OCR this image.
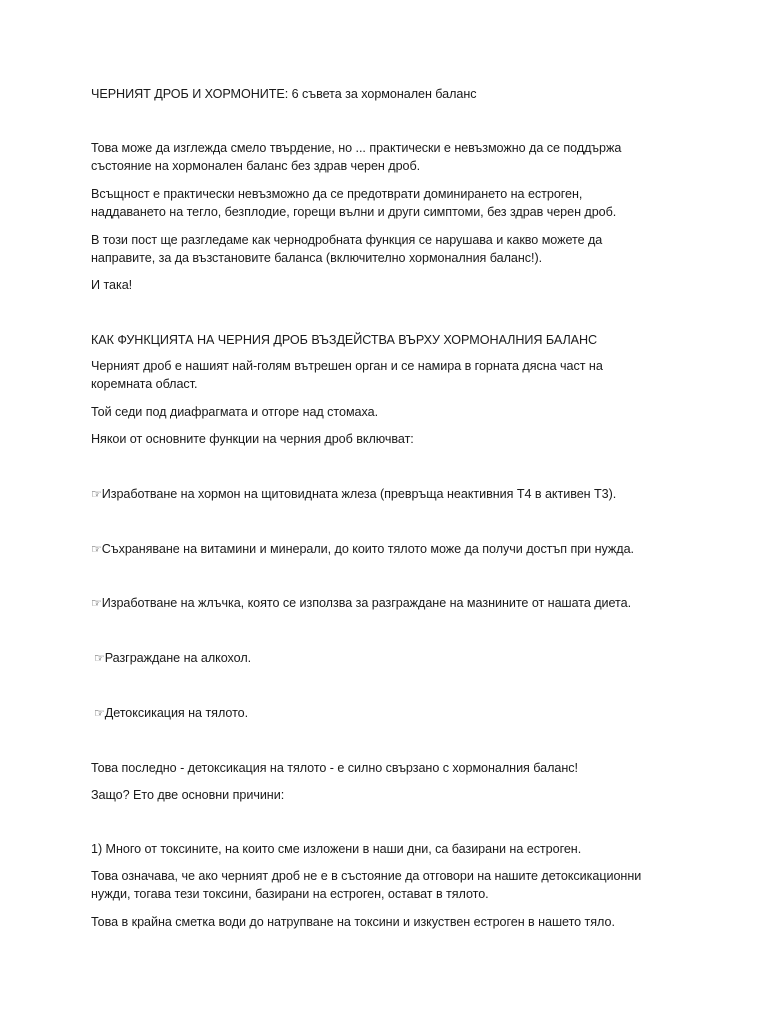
ЧЕРНИЯТ ДРОБ И ХОРМОНИТЕ: 6 съвета за хормонален баланс
Това може да изглежда смело твърдение, но ... практически е невъзможно да се поддържа
състояние на хормонален баланс без здрав черен дроб.
Всъщност е практически невъзможно да се предотврати доминирането на естроген,
наддаването на тегло, безплодие, горещи вълни и други симптоми, без здрав черен дроб.
В този пост ще разгледаме как чернодробната функция се нарушава и какво можете да
направите, за да възстановите баланса (включително хормоналния баланс!).
И така!
КАК ФУНКЦИЯТА НА ЧЕРНИЯ ДРОБ ВЪЗДЕЙСТВА ВЪРХУ ХОРМОНАЛНИЯ БАЛАНС
Черният дроб е нашият най-голям вътрешен орган и се намира в горната дясна част на
коремната област.
Той седи под диафрагмата и отгоре над стомаха.
Някои от основните функции на черния дроб включват:
☞Изработване на хормон на щитовидната жлеза (превръща неактивния Т4 в активен Т3).
☞Съхраняване на витамини и минерали, до които тялото може да получи достъп при нужда.
☞Изработване на жлъчка, която се използва за разграждане на мазнините от нашата диета.
☞Разграждане на алкохол.
☞Детоксикация на тялото.
Това последно - детоксикация на тялото - е силно свързано с хормоналния баланс!
Защо? Ето две основни причини:
1) Много от токсините, на които сме изложени в наши дни, са базирани на естроген.
Това означава, че ако черният дроб не е в състояние да отговори на нашите детоксикационни
нужди, тогава тези токсини, базирани на естроген, остават в тялото.
Това в крайна сметка води до натрупване на токсини и изкуствен естроген в нашето тяло.
